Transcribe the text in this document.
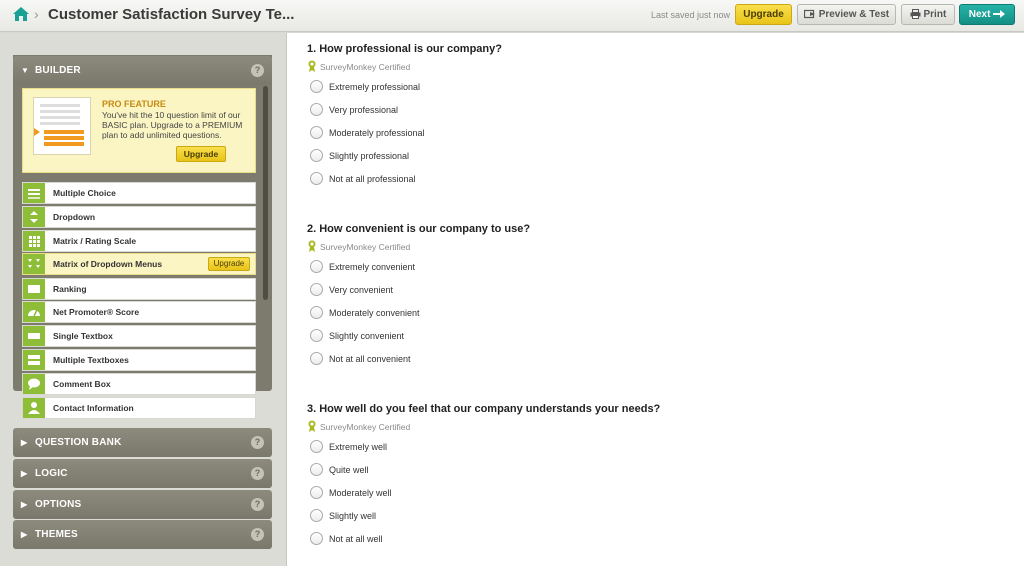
› Customer Satisfaction Survey Te...	Last saved just now	Upgrade	Preview & Test	Print	Next
▼ BUILDER	?
PRO FEATURE
You've hit the 10 question limit of our BASIC plan. Upgrade to a PREMIUM plan to add unlimited questions.
Upgrade
Multiple Choice
Dropdown
Matrix / Rating Scale
Matrix of Dropdown Menus	Upgrade
Ranking
Net Promoter® Score
Single Textbox
Multiple Textboxes
Comment Box
Contact Information
▶ QUESTION BANK	?
▶ LOGIC	?
▶ OPTIONS	?
▶ THEMES	?
1. How professional is our company?
SurveyMonkey Certified
Extremely professional
Very professional
Moderately professional
Slightly professional
Not at all professional
2. How convenient is our company to use?
SurveyMonkey Certified
Extremely convenient
Very convenient
Moderately convenient
Slightly convenient
Not at all convenient
3. How well do you feel that our company understands your needs?
SurveyMonkey Certified
Extremely well
Quite well
Moderately well
Slightly well
Not at all well
